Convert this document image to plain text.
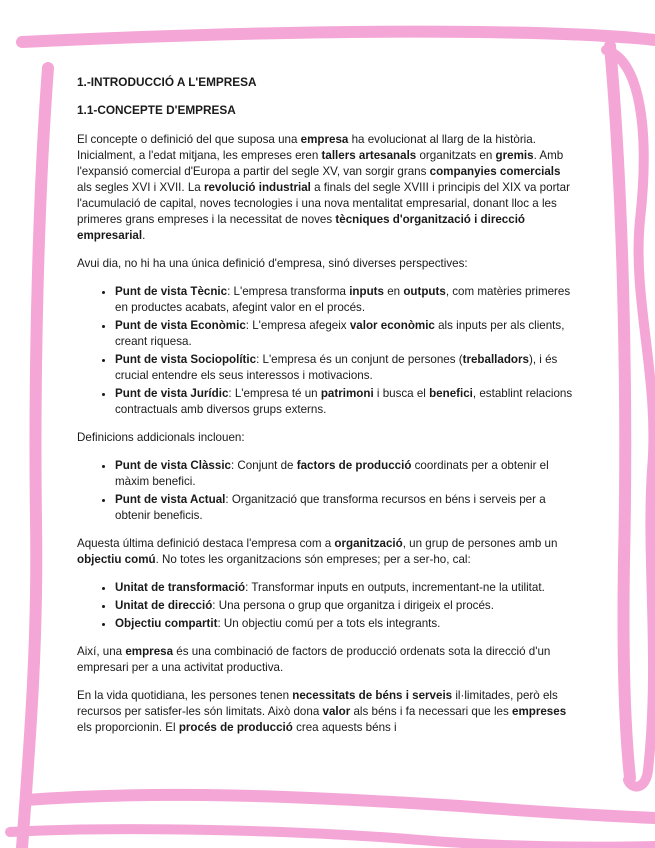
1.-INTRODUCCIÓ A L'EMPRESA
1.1-CONCEPTE D'EMPRESA

El concepte o definició del que suposa una empresa ha evolucionat al llarg de la història. Inicialment, a l'edat mitjana, les empreses eren tallers artesanals organitzats en gremis. Amb l'expansió comercial d'Europa a partir del segle XV, van sorgir grans companyies comercials als segles XVI i XVII. La revolució industrial a finals del segle XVIII i principis del XIX va portar l'acumulació de capital, noves tecnologies i una nova mentalitat empresarial, donant lloc a les primeres grans empreses i la necessitat de noves tècniques d'organització i direcció empresarial.

Avui dia, no hi ha una única definició d'empresa, sinó diverses perspectives:

• Punt de vista Tècnic: L'empresa transforma inputs en outputs, com matèries primeres en productes acabats, afegint valor en el procés.
• Punt de vista Econòmic: L'empresa afegeix valor econòmic als inputs per als clients, creant riquesa.
• Punt de vista Sociopolític: L'empresa és un conjunt de persones (treballadors), i és crucial entendre els seus interessos i motivacions.
• Punt de vista Jurídic: L'empresa té un patrimoni i busca el benefici, establint relacions contractuals amb diversos grups externs.

Definicions addicionals inclouen:

• Punt de vista Clàssic: Conjunt de factors de producció coordinats per a obtenir el màxim benefici.
• Punt de vista Actual: Organització que transforma recursos en béns i serveis per a obtenir beneficis.

Aquesta última definició destaca l'empresa com a organització, un grup de persones amb un objectiu comú. No totes les organitzacions són empreses; per a ser-ho, cal:

• Unitat de transformació: Transformar inputs en outputs, incrementant-ne la utilitat.
• Unitat de direcció: Una persona o grup que organitza i dirigeix el procés.
• Objectiu compartit: Un objectiu comú per a tots els integrants.

Així, una empresa és una combinació de factors de producció ordenats sota la direcció d'un empresari per a una activitat productiva.

En la vida quotidiana, les persones tenen necessitats de béns i serveis il·limitades, però els recursos per satisfer-les són limitats. Això dona valor als béns i fa necessari que les empreses els proporcionin. El procés de producció crea aquests béns i
